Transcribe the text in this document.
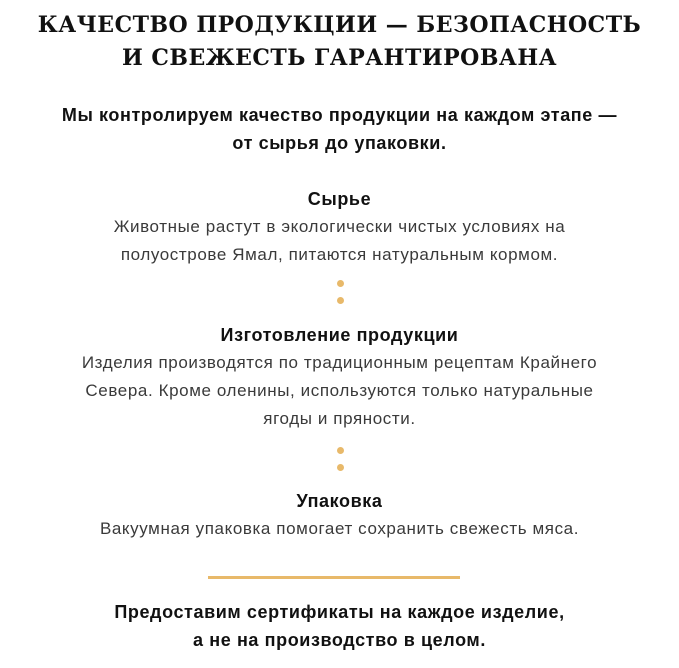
КАЧЕСТВО ПРОДУКЦИИ — БЕЗОПАСНОСТЬ
И СВЕЖЕСТЬ ГАРАНТИРОВАНА
Мы контролируем качество продукции на каждом этапе —
от сырья до упаковки.
Сырье
Животные растут в экологически чистых условиях на
полуострове Ямал, питаются натуральным кормом.
Изготовление продукции
Изделия производятся по традиционным рецептам Крайнего
Севера. Кроме оленины, используются только натуральные
ягоды и пряности.
Упаковка
Вакуумная упаковка помогает сохранить свежесть мяса.
Предоставим сертификаты на каждое изделие,
а не на производство в целом.
